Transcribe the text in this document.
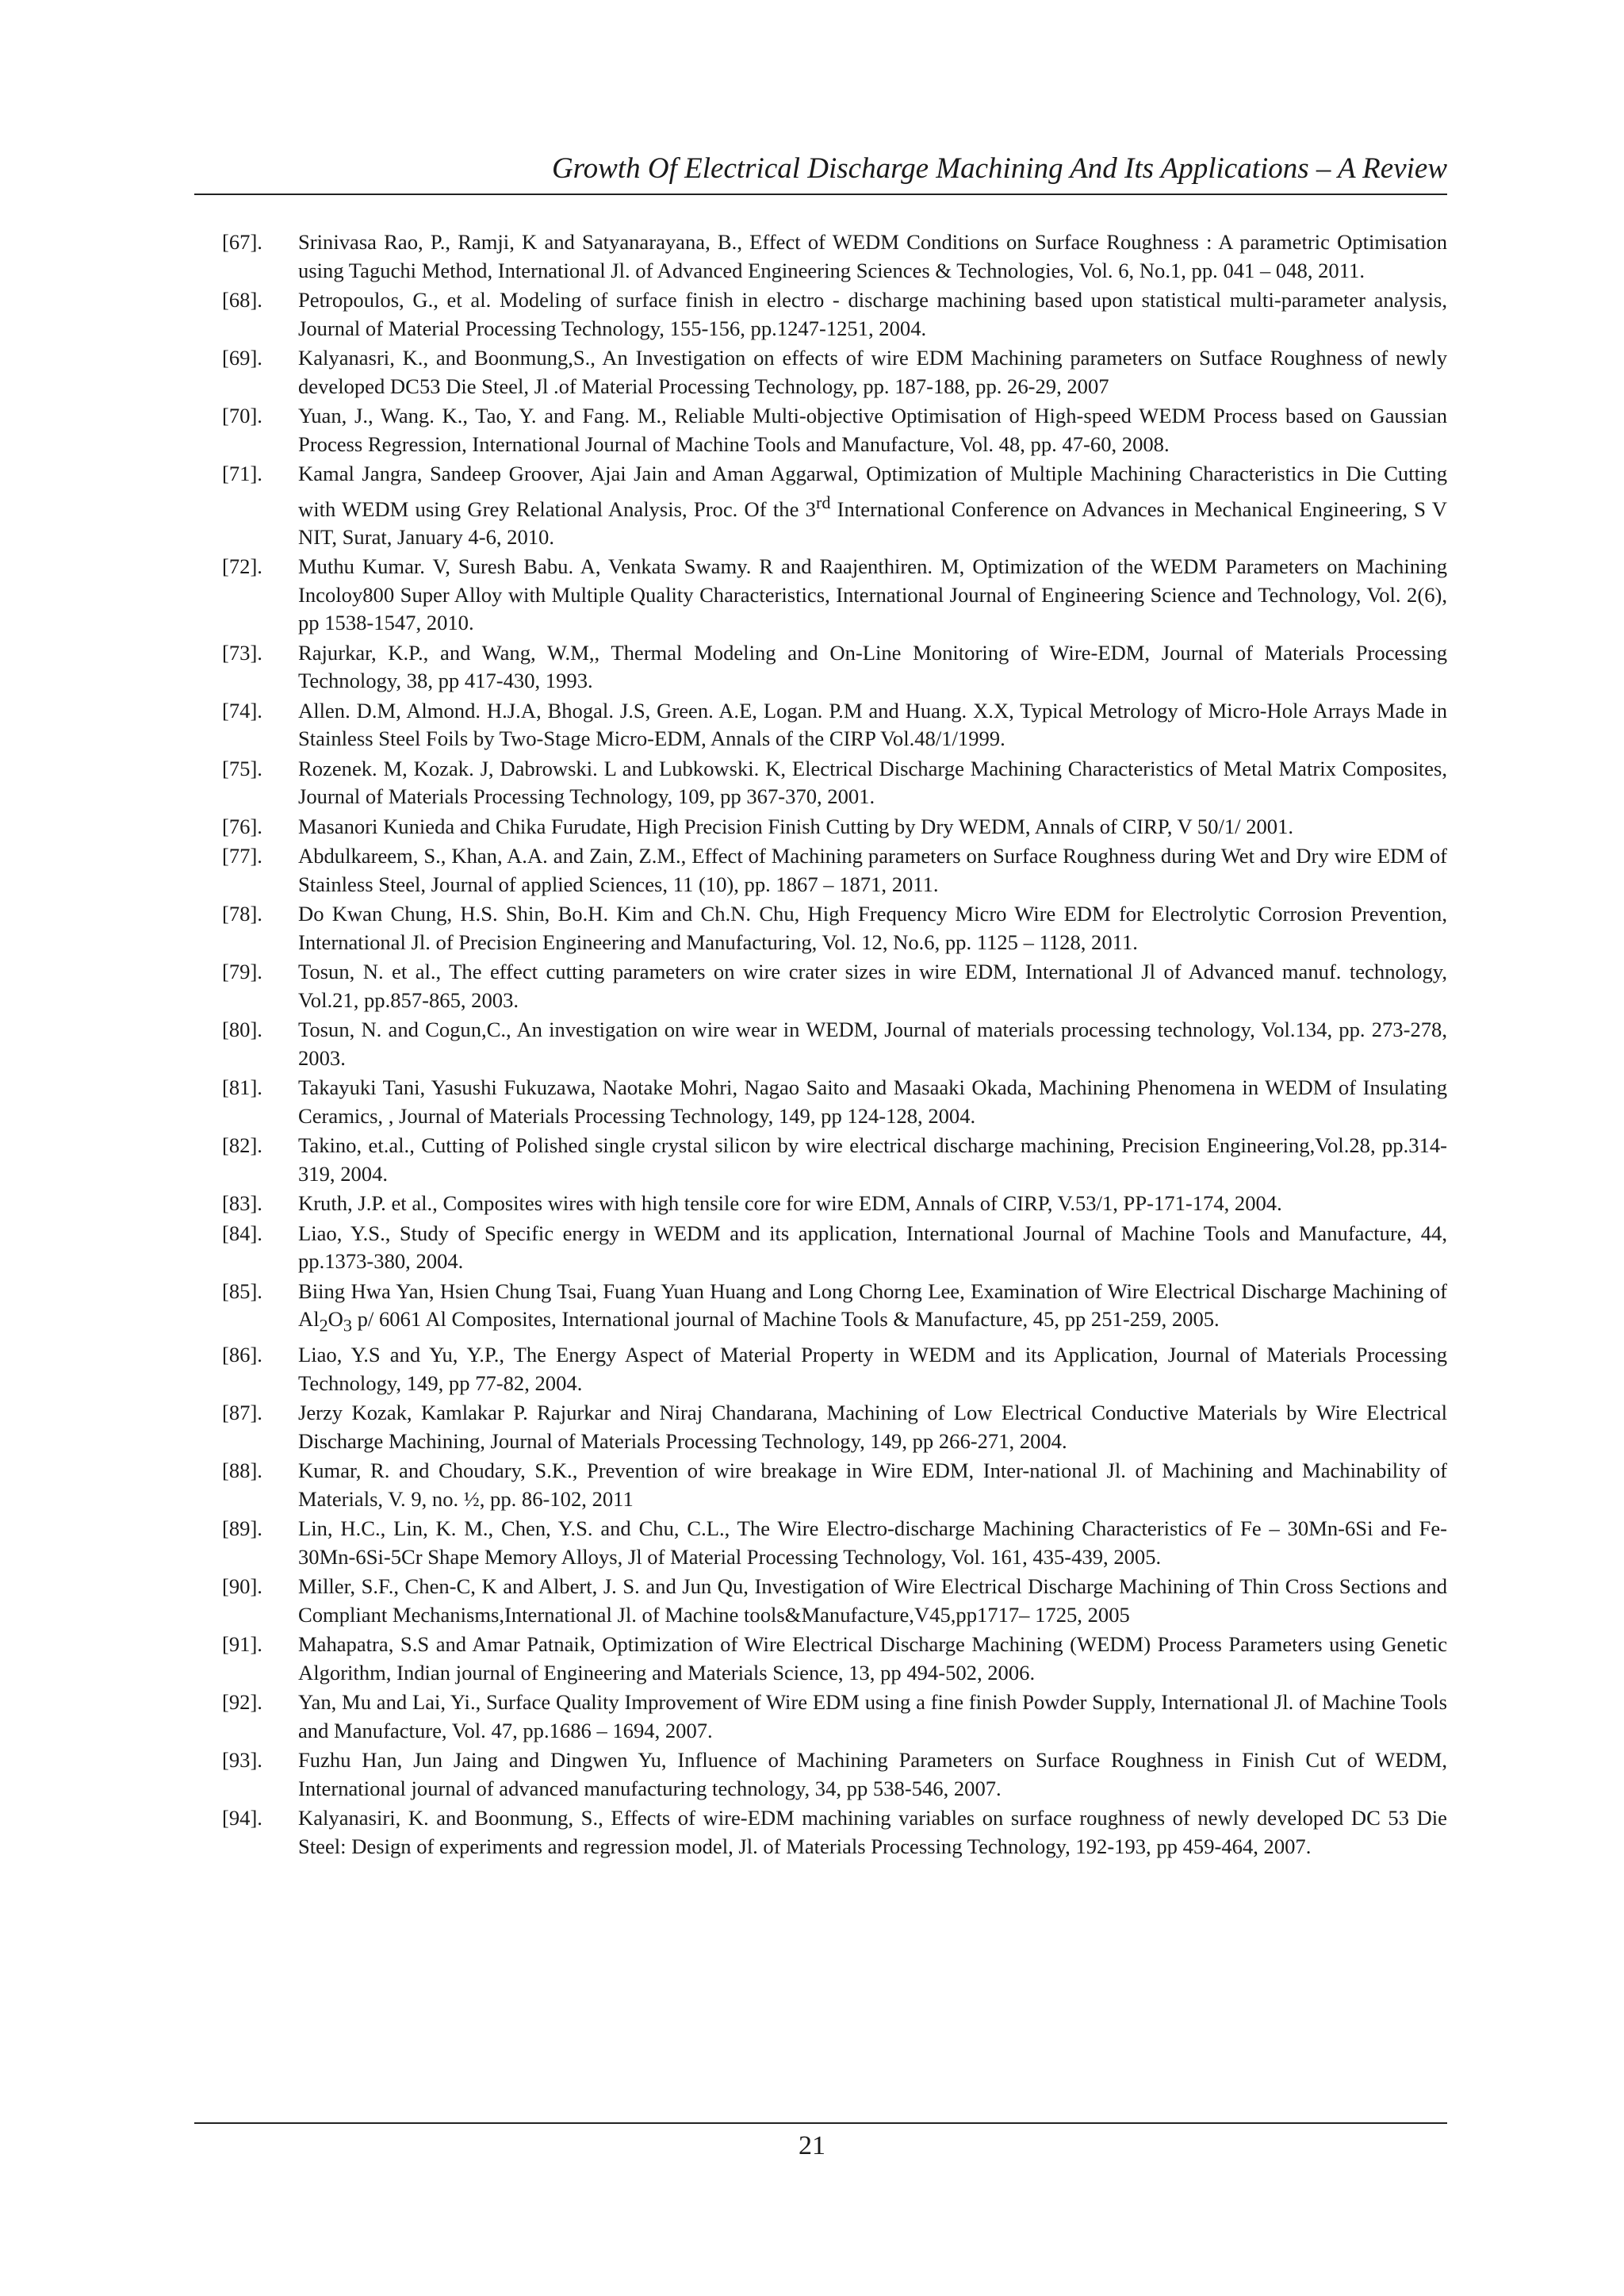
Growth Of Electrical Discharge Machining And Its Applications – A Review
[67].	Srinivasa Rao, P., Ramji, K and Satyanarayana, B., Effect of WEDM Conditions on Surface Roughness : A parametric Optimisation using Taguchi Method, International Jl. of Advanced Engineering Sciences & Technologies, Vol. 6, No.1, pp. 041 – 048, 2011.
[68].	Petropoulos, G., et al. Modeling of surface finish in electro - discharge machining based upon statistical multi-parameter analysis, Journal of Material Processing Technology, 155-156, pp.1247-1251, 2004.
[69].	Kalyanasri, K., and Boonmung,S., An Investigation on effects of wire EDM Machining parameters on Sutface Roughness of newly developed DC53 Die Steel, Jl .of Material Processing Technology, pp. 187-188, pp. 26-29, 2007
[70].	Yuan, J., Wang. K., Tao, Y. and Fang. M., Reliable Multi-objective Optimisation of High-speed WEDM Process based on Gaussian Process Regression, International Journal of Machine Tools and Manufacture, Vol. 48, pp. 47-60, 2008.
[71].	Kamal Jangra, Sandeep Groover, Ajai Jain and Aman Aggarwal, Optimization of Multiple Machining Characteristics in Die Cutting with WEDM using Grey Relational Analysis, Proc. Of the 3rd International Conference on Advances in Mechanical Engineering, S V NIT, Surat, January 4-6, 2010.
[72].	Muthu Kumar. V, Suresh Babu. A, Venkata Swamy. R and Raajenthiren. M, Optimization of the WEDM Parameters on Machining Incoloy800 Super Alloy with Multiple Quality Characteristics, International Journal of Engineering Science and Technology, Vol. 2(6), pp 1538-1547, 2010.
[73].	Rajurkar, K.P., and Wang, W.M,, Thermal Modeling and On-Line Monitoring of Wire-EDM, Journal of Materials Processing Technology, 38, pp 417-430, 1993.
[74].	Allen. D.M, Almond. H.J.A, Bhogal. J.S, Green. A.E, Logan. P.M and Huang. X.X, Typical Metrology of Micro-Hole Arrays Made in Stainless Steel Foils by Two-Stage Micro-EDM, Annals of the CIRP Vol.48/1/1999.
[75].	Rozenek. M, Kozak. J, Dabrowski. L and Lubkowski. K, Electrical Discharge Machining Characteristics of Metal Matrix Composites, Journal of Materials Processing Technology, 109, pp 367-370, 2001.
[76].	Masanori Kunieda and Chika Furudate, High Precision Finish Cutting by Dry WEDM, Annals of CIRP, V 50/1/ 2001.
[77].	Abdulkareem, S., Khan, A.A. and Zain, Z.M., Effect of Machining parameters on Surface Roughness during Wet and Dry wire EDM of Stainless Steel, Journal of applied Sciences, 11 (10), pp. 1867 – 1871, 2011.
[78].	Do Kwan Chung, H.S. Shin, Bo.H. Kim and Ch.N. Chu, High Frequency Micro Wire EDM for Electrolytic Corrosion Prevention, International Jl. of Precision Engineering and Manufacturing, Vol. 12, No.6, pp. 1125 – 1128, 2011.
[79].	Tosun, N. et al., The effect cutting parameters on wire crater sizes in wire EDM, International Jl of Advanced manuf. technology, Vol.21, pp.857-865, 2003.
[80].	Tosun, N. and Cogun,C., An investigation on wire wear in WEDM, Journal of materials processing technology, Vol.134, pp. 273-278, 2003.
[81].	Takayuki Tani, Yasushi Fukuzawa, Naotake Mohri, Nagao Saito and Masaaki Okada, Machining Phenomena in WEDM of Insulating Ceramics, , Journal of Materials Processing Technology, 149, pp 124-128, 2004.
[82].	Takino, et.al., Cutting of Polished single crystal silicon by wire electrical discharge machining, Precision Engineering,Vol.28, pp.314-319, 2004.
[83].	Kruth, J.P. et al., Composites wires with high tensile core for wire EDM, Annals of CIRP, V.53/1, PP-171-174, 2004.
[84].	Liao, Y.S., Study of Specific energy in WEDM and its application, International Journal of Machine Tools and Manufacture, 44, pp.1373-380, 2004.
[85].	Biing Hwa Yan, Hsien Chung Tsai, Fuang Yuan Huang and Long Chorng Lee, Examination of Wire Electrical Discharge Machining of $Al_2O_3$ p/ 6061 Al Composites, International journal of Machine Tools & Manufacture, 45, pp 251-259, 2005.
[86].	Liao, Y.S and Yu, Y.P., The Energy Aspect of Material Property in WEDM and its Application, Journal of Materials Processing Technology, 149, pp 77-82, 2004.
[87].	Jerzy Kozak, Kamlakar P. Rajurkar and Niraj Chandarana, Machining of Low Electrical Conductive Materials by Wire Electrical Discharge Machining, Journal of Materials Processing Technology, 149, pp 266-271, 2004.
[88].	Kumar, R. and Choudary, S.K., Prevention of wire breakage in Wire EDM, Inter-national Jl. of Machining and Machinability of Materials, V. 9, no. ½, pp. 86-102, 2011
[89].	Lin, H.C., Lin, K. M., Chen, Y.S. and Chu, C.L., The Wire Electro-discharge Machining Characteristics of Fe – 30Mn-6Si and Fe-30Mn-6Si-5Cr Shape Memory Alloys, Jl of Material Processing Technology, Vol. 161, 435-439, 2005.
[90].	Miller, S.F., Chen-C, K and Albert, J. S. and Jun Qu, Investigation of Wire Electrical Discharge Machining of Thin Cross Sections and Compliant Mechanisms,International Jl. of Machine tools&Manufacture,V45,pp1717– 1725, 2005
[91].	Mahapatra, S.S and Amar Patnaik, Optimization of Wire Electrical Discharge Machining (WEDM) Process Parameters using Genetic Algorithm, Indian journal of Engineering and Materials Science, 13, pp 494-502, 2006.
[92].	Yan, Mu and Lai, Yi., Surface Quality Improvement of Wire EDM using a fine finish Powder Supply, International Jl. of Machine Tools and Manufacture, Vol. 47, pp.1686 – 1694, 2007.
[93].	Fuzhu Han, Jun Jaing and Dingwen Yu, Influence of Machining Parameters on Surface Roughness in Finish Cut of WEDM, International journal of advanced manufacturing technology, 34, pp 538-546, 2007.
[94].	Kalyanasiri, K. and Boonmung, S., Effects of wire-EDM machining variables on surface roughness of newly developed DC 53 Die Steel: Design of experiments and regression model, Jl. of Materials Processing Technology, 192-193, pp 459-464, 2007.
21
